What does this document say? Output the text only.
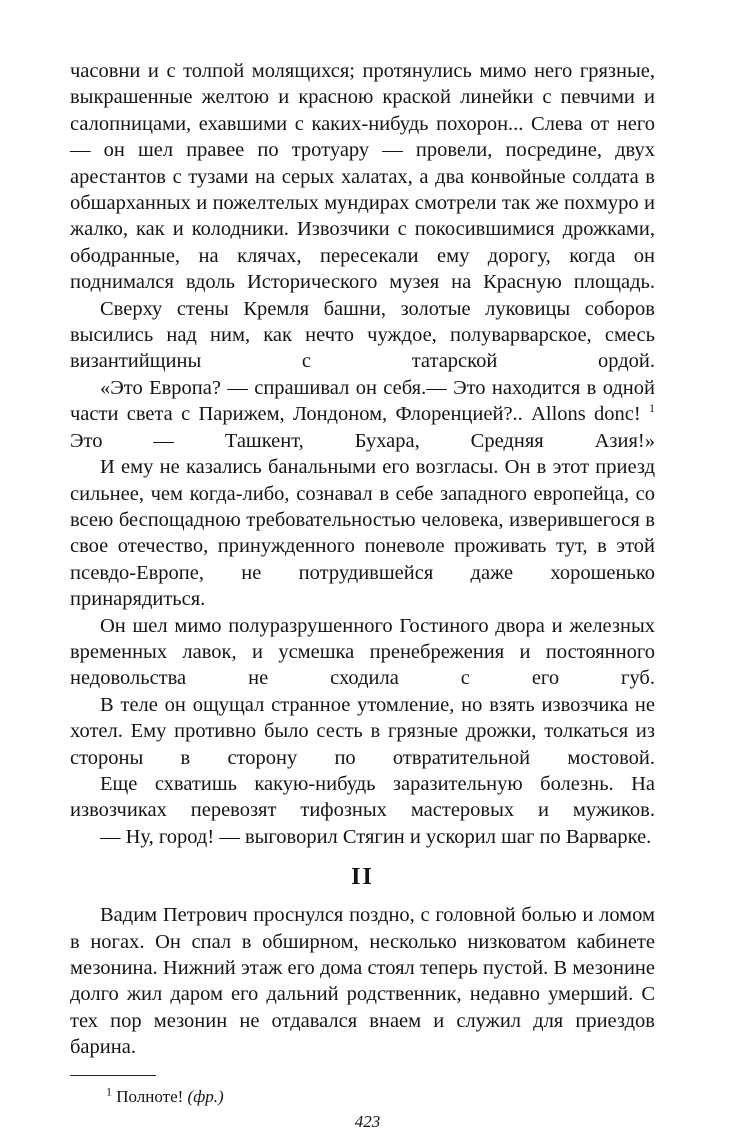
часовни и с толпой молящихся; протянулись мимо него грязные, выкрашенные желтою и красною краской линейки с певчими и салопницами, ехавшими с каких-нибудь похорон... Слева от него — он шел правее по тротуару — провели, посредине, двух арестантов с тузами на серых халатах, а два конвойные солдата в обшарханных и пожелтелых мундирах смотрели так же похмуро и жалко, как и колодники. Извозчики с покосившимися дрожками, ободранные, на клячах, пересекали ему дорогу, когда он поднимался вдоль Исторического музея на Красную площадь.

Сверху стены Кремля башни, золотые луковицы соборов высились над ним, как нечто чуждое, полуварварское, смесь византийщины с татарской ордой.

«Это Европа? — спрашивал он себя.— Это находится в одной части света с Парижем, Лондоном, Флоренцией?.. Allons donc! $^1$ Это — Ташкент, Бухара, Средняя Азия!»

И ему не казались банальными его возгласы. Он в этот приезд сильнее, чем когда-либо, сознавал в себе западного европейца, со всею беспощадною требовательностью человека, изверившегося в свое отечество, принужденного поневоле проживать тут, в этой псевдо-Европе, не потрудившейся даже хорошенько принарядиться.

Он шел мимо полуразрушенного Гостиного двора и железных временных лавок, и усмешка пренебрежения и постоянного недовольства не сходила с его губ.

В теле он ощущал странное утомление, но взять извозчика не хотел. Ему противно было сесть в грязные дрожки, толкаться из стороны в сторону по отвратительной мостовой.

Еще схватишь какую-нибудь заразительную болезнь. На извозчиках перевозят тифозных мастеровых и мужиков.

— Ну, город! — выговорил Стягин и ускорил шаг по Варварке.

II

Вадим Петрович проснулся поздно, с головной болью и ломом в ногах. Он спал в обширном, несколько низковатом кабинете мезонина. Нижний этаж его дома стоял теперь пустой. В мезонине долго жил даром его дальний родственник, недавно умерший. С тех пор мезонин не отдавался внаем и служил для приездов барина.

$^1$ Полноте! (фр.)

423
